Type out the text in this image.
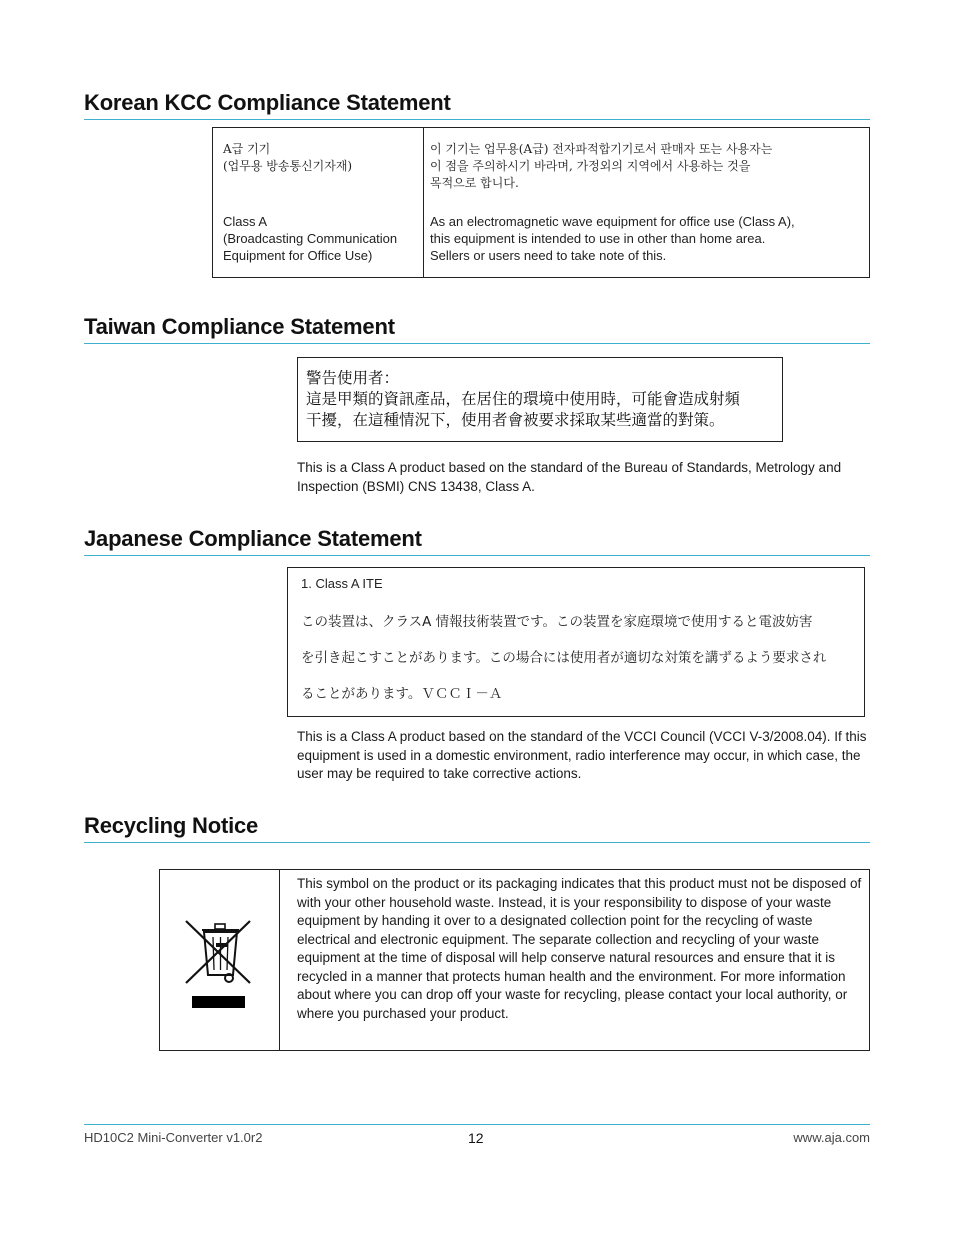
Korean KCC Compliance Statement
A급 기기
(업무용 방송통신기자재)
이 기기는 업무용(A급) 전자파적합기기로서 판매자 또는 사용자는
이 점을 주의하시기 바라며, 가정외의 지역에서 사용하는 것을
목적으로 합니다.
Class A
(Broadcasting Communication
Equipment for Office Use)
As an electromagnetic wave equipment for office use (Class A),
this equipment is intended to use in other than home area.
Sellers or users need to take note of this.
Taiwan Compliance Statement
警告使用者：
這是甲類的資訊產品，在居住的環境中使用時，可能會造成射頻
干擾，在這種情況下，使用者會被要求採取某些適當的對策。
This is a Class A product based on the standard of the Bureau of Standards, Metrology and Inspection (BSMI) CNS 13438, Class A.
Japanese Compliance Statement
1. Class A ITE
この装置は、クラスA 情報技術装置です。この装置を家庭環境で使用すると電波妨害
を引き起こすことがあります。この場合には使用者が適切な対策を講ずるよう要求され
ることがあります。ＶＣＣＩ－Ａ
This is a Class A product based on the standard of the VCCI Council (VCCI V-3/2008.04). If this equipment is used in a domestic environment, radio interference may occur, in which case, the user may be required to take corrective actions.
Recycling Notice
This symbol on the product or its packaging indicates that this product must not be disposed of with your other household waste. Instead, it is your responsibility to dispose of your waste equipment by handing it over to a designated collection point for the recycling of waste electrical and electronic equipment. The separate collection and recycling of your waste equipment at the time of disposal will help conserve natural resources and ensure that it is recycled in a manner that protects human health and the environment. For more information about where you can drop off your waste for recycling, please contact your local authority, or where you purchased your product.
HD10C2 Mini-Converter v1.0r2	12	www.aja.com
